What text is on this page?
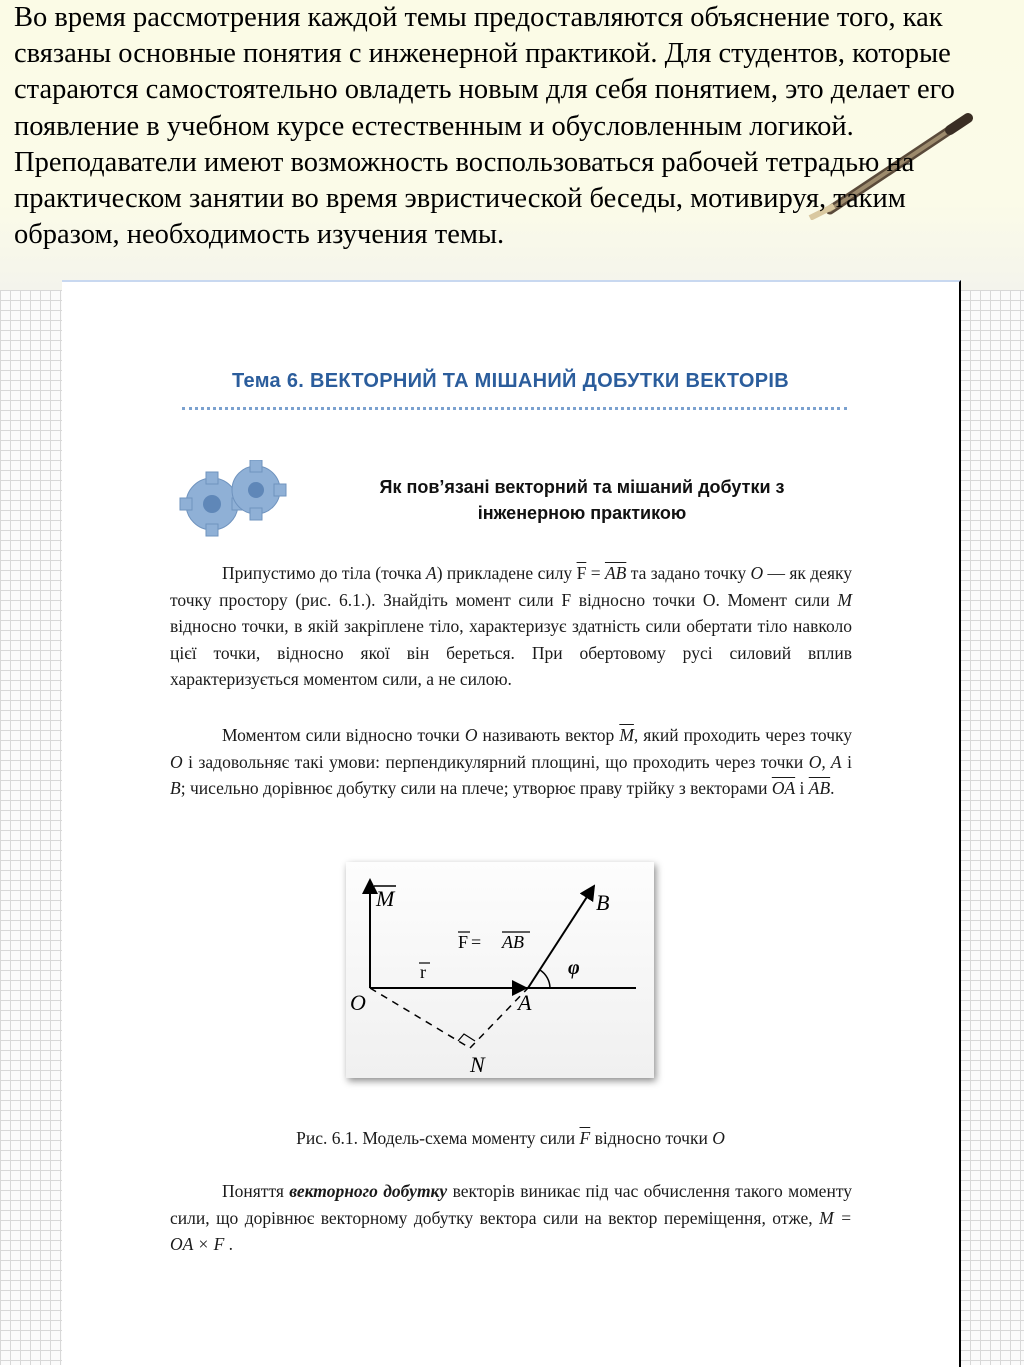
Во время рассмотрения каждой темы предоставляются объяснение того, как связаны основные понятия с инженерной практикой. Для студентов, которые стараются самостоятельно овладеть новым для себя понятием, это делает его появление в учебном курсе естественным и обусловленным логикой. Преподаватели имеют возможность воспользоваться рабочей тетрадью на практическом занятии во время эвристической беседы, мотивируя, таким образом, необходимость изучения темы.

Тема 6. ВЕКТОРНИЙ ТА МІШАНИЙ ДОБУТКИ ВЕКТОРІВ
Як пов’язані векторний та мішаний добутки з
інженерною практикою

Припустимо до тіла (точка A) прикладене силу $\overline{F} = \overline{AB}$ та задано точку O — як деяку точку простору (рис. 6.1.). Знайдіть момент сили F відносно точки О. Момент сили M відносно точки, в якій закріплене тіло, характеризує здатність сили обертати тіло навколо цієї точки, відносно якої він береться. При обертовому русі силовий вплив характеризується моментом сили, а не силою.

Моментом сили відносно точки O називають вектор $\overline{M}$, який проходить через точку O і задовольняє такі умови: перпендикулярний площині, що проходить через точки O, A і B; чисельно дорівнює добутку сили на плече; утворює праву трійку з векторами $\overline{OA}$ і $\overline{AB}$.

M	B
F = AB
φ
r
O	A
N
Рис. 6.1. Модель-схема моменту сили $\overline{F}$ відносно точки O

Поняття векторного добутку векторів виникає під час обчислення такого моменту сили, що дорівнює векторному добутку вектора сили на вектор переміщення, отже, M = OA × F .
